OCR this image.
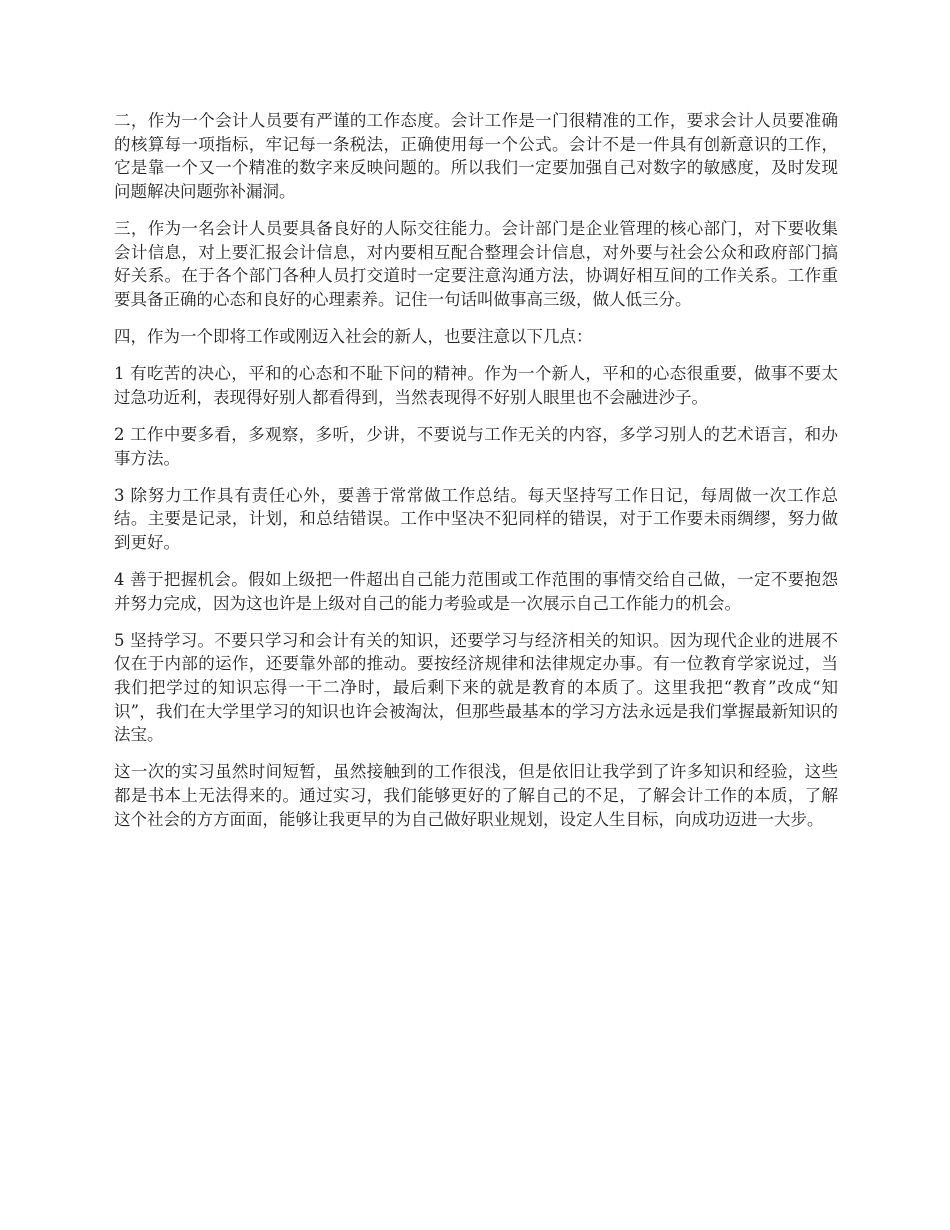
二，作为一个会计人员要有严谨的工作态度。会计工作是一门很精准的工作，要求会计人员要准确的核算每一项指标，牢记每一条税法，正确使用每一个公式。会计不是一件具有创新意识的工作，它是靠一个又一个精准的数字来反映问题的。所以我们一定要加强自己对数字的敏感度，及时发现问题解决问题弥补漏洞。

三，作为一名会计人员要具备良好的人际交往能力。会计部门是企业管理的核心部门，对下要收集会计信息，对上要汇报会计信息，对内要相互配合整理会计信息，对外要与社会公众和政府部门搞好关系。在于各个部门各种人员打交道时一定要注意沟通方法，协调好相互间的工作关系。工作重要具备正确的心态和良好的心理素养。记住一句话叫做事高三级，做人低三分。

四，作为一个即将工作或刚迈入社会的新人，也要注意以下几点：

1 有吃苦的决心，平和的心态和不耻下问的精神。作为一个新人，平和的心态很重要，做事不要太过急功近利，表现得好别人都看得到，当然表现得不好别人眼里也不会融进沙子。

2 工作中要多看，多观察，多听，少讲，不要说与工作无关的内容，多学习别人的艺术语言，和办事方法。

3 除努力工作具有责任心外，要善于常常做工作总结。每天坚持写工作日记，每周做一次工作总结。主要是记录，计划，和总结错误。工作中坚决不犯同样的错误，对于工作要未雨绸缪，努力做到更好。

4 善于把握机会。假如上级把一件超出自己能力范围或工作范围的事情交给自己做，一定不要抱怨并努力完成，因为这也许是上级对自己的能力考验或是一次展示自己工作能力的机会。

5 坚持学习。不要只学习和会计有关的知识，还要学习与经济相关的知识。因为现代企业的进展不仅在于内部的运作，还要靠外部的推动。要按经济规律和法律规定办事。有一位教育学家说过，当我们把学过的知识忘得一干二净时，最后剩下来的就是教育的本质了。这里我把“教育”改成“知识”，我们在大学里学习的知识也许会被淘汰，但那些最基本的学习方法永远是我们掌握最新知识的法宝。

这一次的实习虽然时间短暂，虽然接触到的工作很浅，但是依旧让我学到了许多知识和经验，这些都是书本上无法得来的。通过实习，我们能够更好的了解自己的不足，了解会计工作的本质，了解这个社会的方方面面，能够让我更早的为自己做好职业规划，设定人生目标，向成功迈进一大步。
